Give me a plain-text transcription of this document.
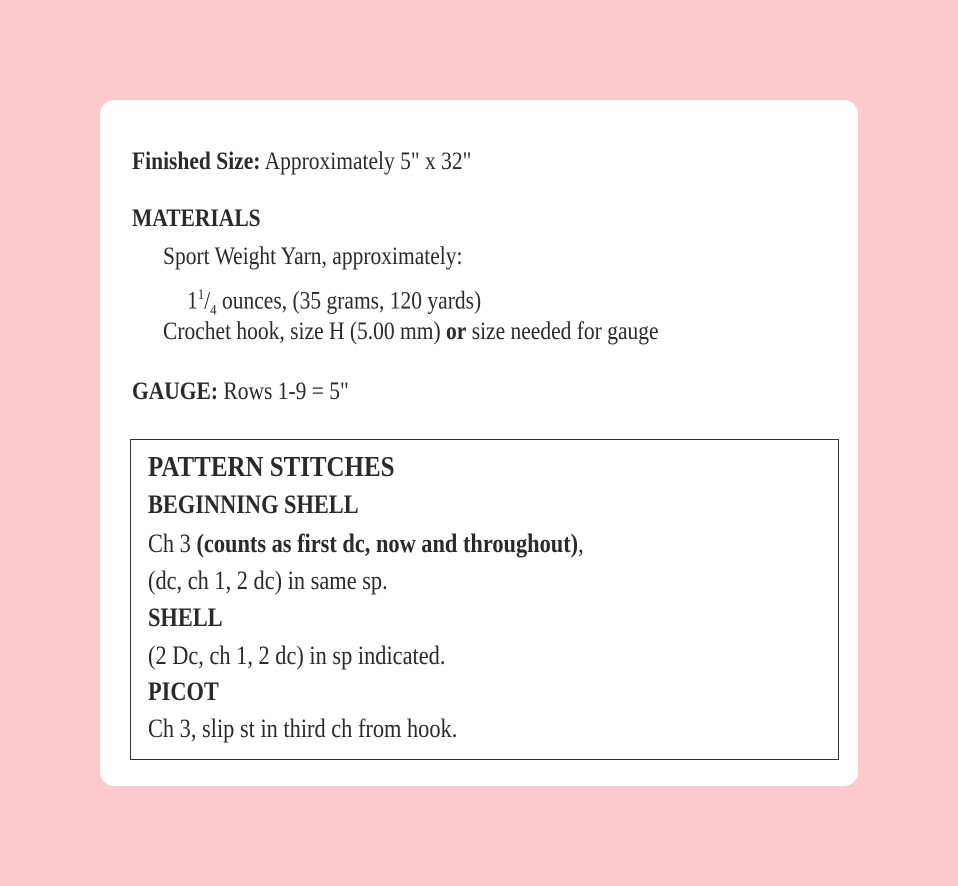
Finished Size: Approximately 5" x 32"
MATERIALS
Sport Weight Yarn, approximately:
$1^1/_4$ ounces, (35 grams, 120 yards)
Crochet hook, size H (5.00 mm) or size needed for gauge
GAUGE: Rows 1-9 = 5"
PATTERN STITCHES
BEGINNING SHELL
Ch 3 (counts as first dc, now and throughout),
(dc, ch 1, 2 dc) in same sp.
SHELL
(2 Dc, ch 1, 2 dc) in sp indicated.
PICOT
Ch 3, slip st in third ch from hook.
